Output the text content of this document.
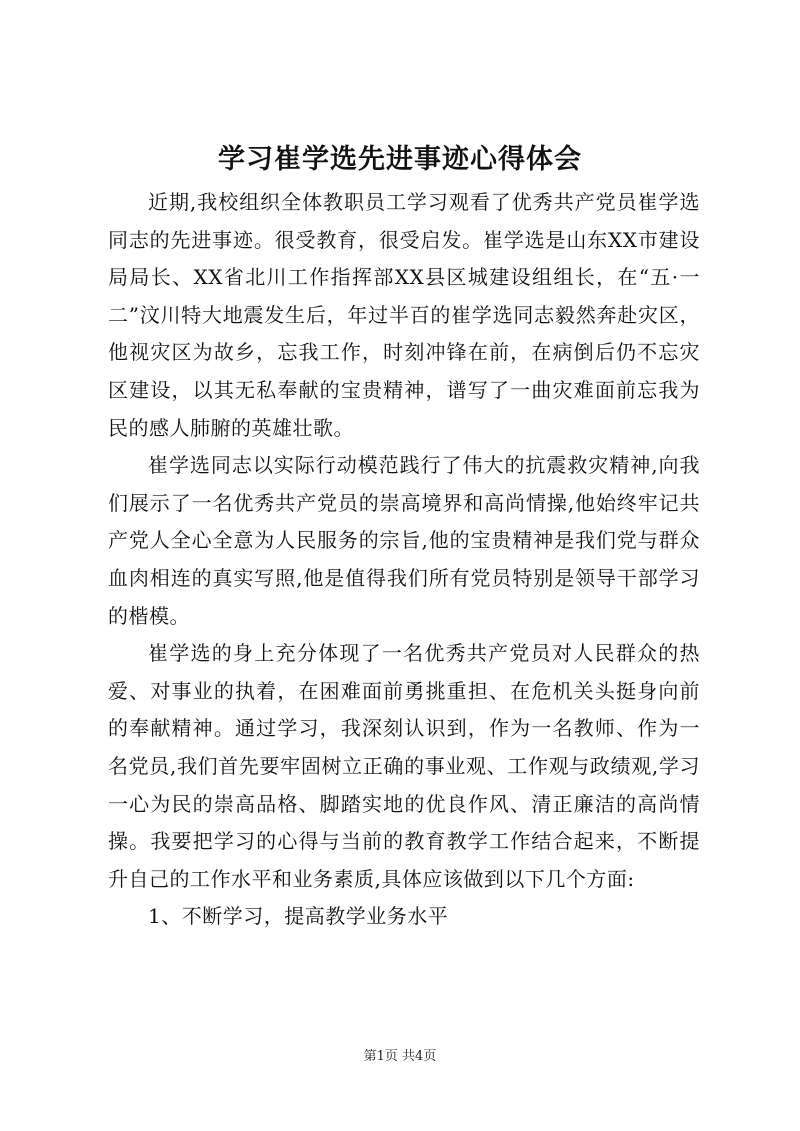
学习崔学选先进事迹心得体会

近期,我校组织全体教职员工学习观看了优秀共产党员崔学选同志的先进事迹。很受教育，很受启发。崔学选是山东XX市建设局局长、XX省北川工作指挥部XX县区城建设组组长，在“五·一二”汶川特大地震发生后，年过半百的崔学选同志毅然奔赴灾区，他视灾区为故乡，忘我工作，时刻冲锋在前，在病倒后仍不忘灾区建设，以其无私奉献的宝贵精神，谱写了一曲灾难面前忘我为民的感人肺腑的英雄壮歌。

崔学选同志以实际行动模范践行了伟大的抗震救灾精神,向我们展示了一名优秀共产党员的崇高境界和高尚情操,他始终牢记共产党人全心全意为人民服务的宗旨,他的宝贵精神是我们党与群众血肉相连的真实写照,他是值得我们所有党员特别是领导干部学习的楷模。

崔学选的身上充分体现了一名优秀共产党员对人民群众的热爱、对事业的执着，在困难面前勇挑重担、在危机关头挺身向前的奉献精神。通过学习，我深刻认识到，作为一名教师、作为一名党员,我们首先要牢固树立正确的事业观、工作观与政绩观,学习一心为民的崇高品格、脚踏实地的优良作风、清正廉洁的高尚情操。我要把学习的心得与当前的教育教学工作结合起来，不断提升自己的工作水平和业务素质,具体应该做到以下几个方面:

1、不断学习，提高教学业务水平

第1页 共4页
